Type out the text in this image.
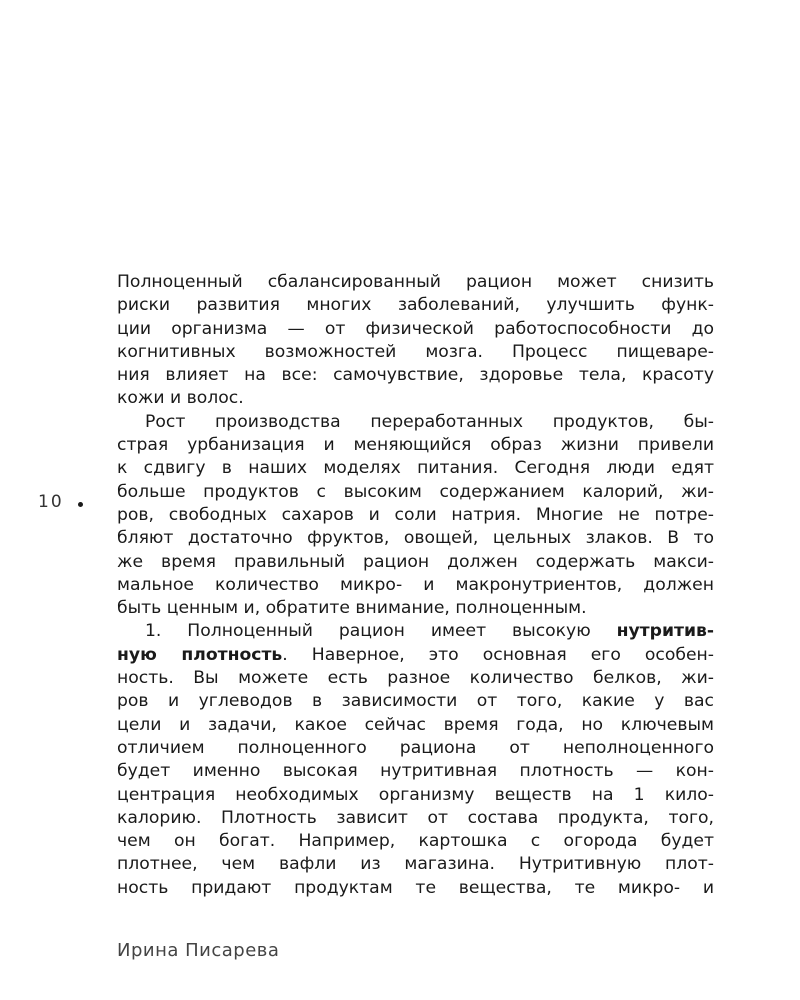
10
Полноценный сбалансированный рацион может снизить
риски развития многих заболеваний, улучшить функ-
ции организма — от физической работоспособности до
когнитивных возможностей мозга. Процесс пищеваре-
ния влияет на все: самочувствие, здоровье тела, красоту
кожи и волос.
Рост производства переработанных продуктов, бы-
страя урбанизация и меняющийся образ жизни привели
к сдвигу в наших моделях питания. Сегодня люди едят
больше продуктов с высоким содержанием калорий, жи-
ров, свободных сахаров и соли натрия. Многие не потре-
бляют достаточно фруктов, овощей, цельных злаков. В то
же время правильный рацион должен содержать макси-
мальное количество микро- и макронутриентов, должен
быть ценным и, обратите внимание, полноценным.
1. Полноценный рацион имеет высокую нутритив-
ную плотность. Наверное, это основная его особен-
ность. Вы можете есть разное количество белков, жи-
ров и углеводов в зависимости от того, какие у вас
цели и задачи, какое сейчас время года, но ключевым
отличием полноценного рациона от неполноценного
будет именно высокая нутритивная плотность — кон-
центрация необходимых организму веществ на 1 кило-
калорию. Плотность зависит от состава продукта, того,
чем он богат. Например, картошка с огорода будет
плотнее, чем вафли из магазина. Нутритивную плот-
ность придают продуктам те вещества, те микро- и
Ирина Писарева
